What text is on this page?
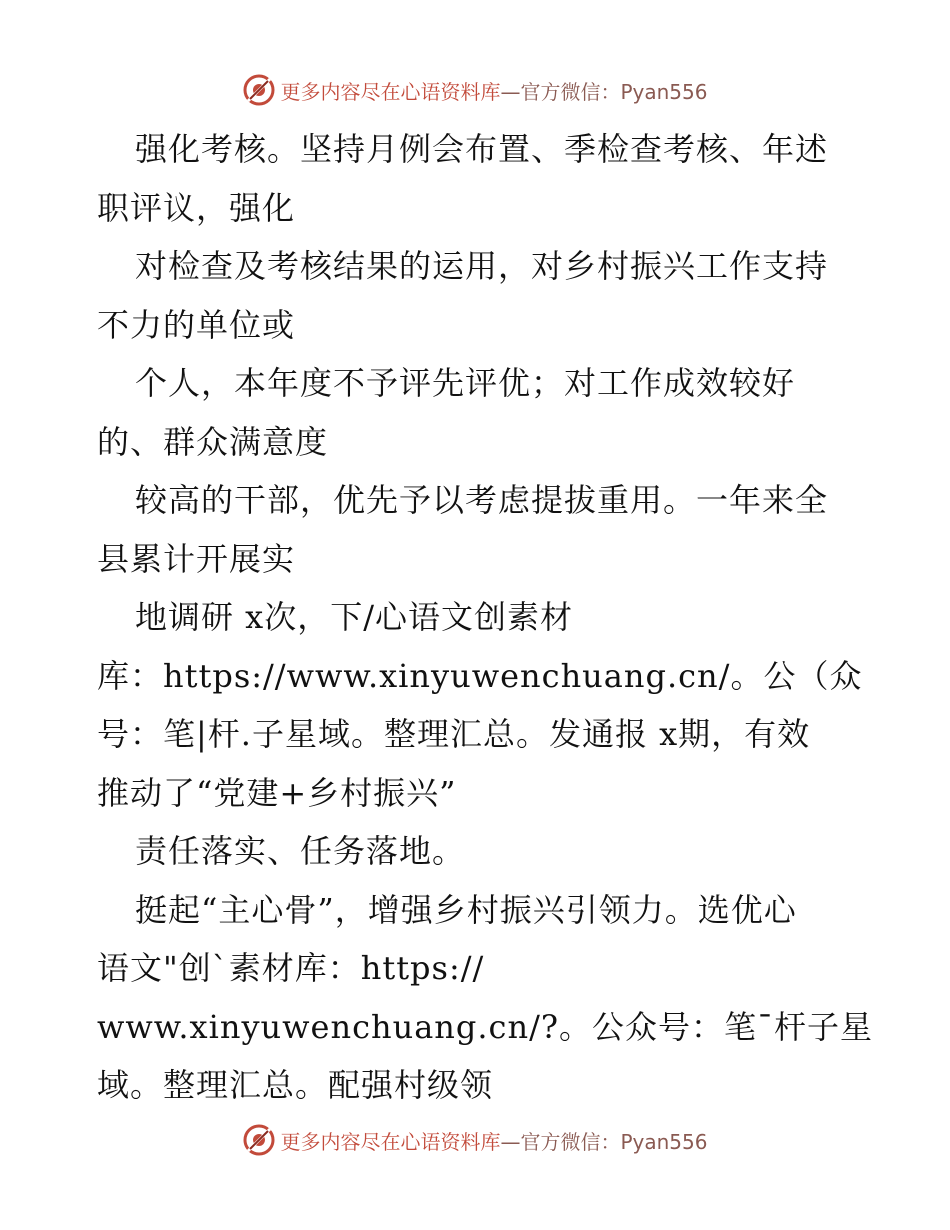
更多内容尽在心语资料库—官方微信：Pyan556
强化考核。坚持月例会布置、季检查考核、年述
职评议，强化
对检查及考核结果的运用，对乡村振兴工作支持
不力的单位或
个人，本年度不予评先评优；对工作成效较好
的、群众满意度
较高的干部，优先予以考虑提拔重用。一年来全
县累计开展实
地调研 x次，下/心语文创素材
库：https://www.xinyuwenchuang.cn/。公（众
号：笔|杆.子星域。整理汇总。发通报 x期，有效
推动了“党建+乡村振兴”
责任落实、任务落地。
挺起“主心骨”，增强乡村振兴引领力。选优心
语文"创`素材库：https://
www.xinyuwenchuang.cn/?。公众号：笔¯杆子星
域。整理汇总。配强村级领
更多内容尽在心语资料库—官方微信：Pyan556
